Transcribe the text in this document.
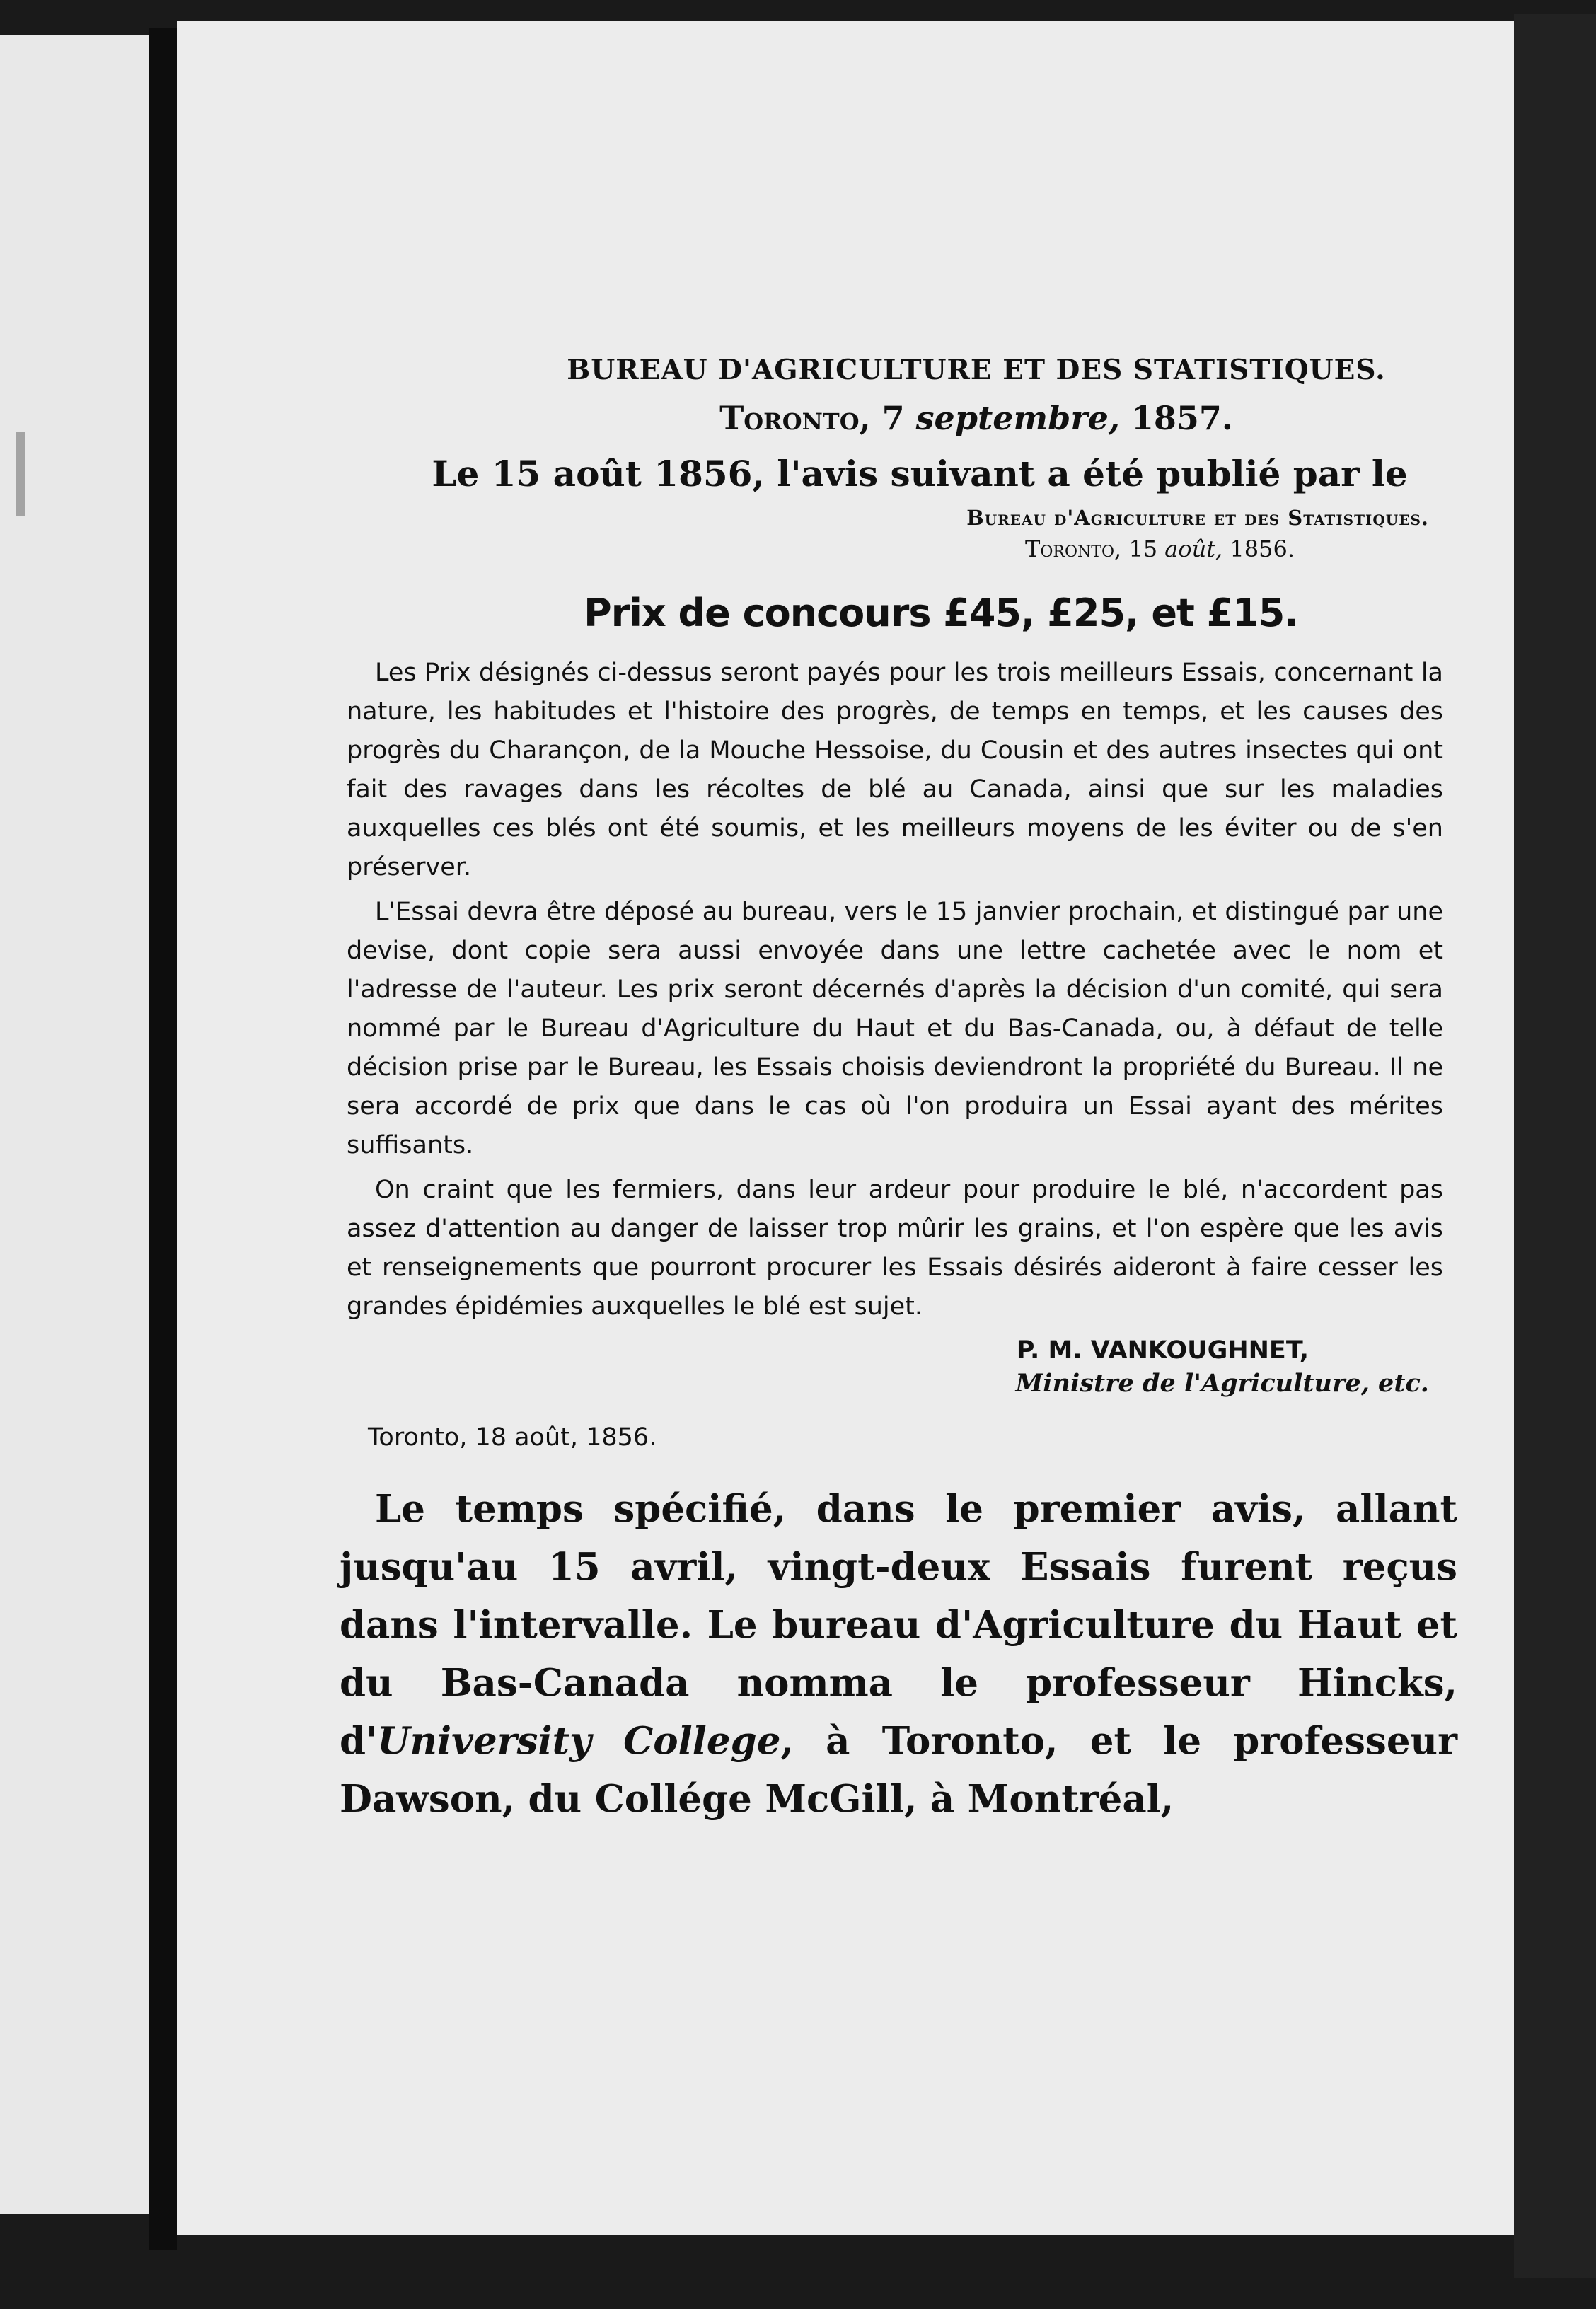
BUREAU D'AGRICULTURE ET DES STATISTIQUES.
Toronto, 7 septembre, 1857.
Le 15 août 1856, l'avis suivant a été publié par le
Bureau d'Agriculture et des Statistiques.
Toronto, 15 août, 1856.
Prix de concours £45, £25, et £15.

Les Prix désignés ci-dessus seront payés pour les trois meilleurs Essais, concernant la nature, les habitudes et l'histoire des progrès, de temps en temps, et les causes des progrès du Charançon, de la Mouche Hessoise, du Cousin et des autres insectes qui ont fait des ravages dans les récoltes de blé au Canada, ainsi que sur les maladies auxquelles ces blés ont été soumis, et les meilleurs moyens de les éviter ou de s'en préserver.

L'Essai devra être déposé au bureau, vers le 15 janvier prochain, et distingué par une devise, dont copie sera aussi envoyée dans une lettre cachetée avec le nom et l'adresse de l'auteur. Les prix seront décernés d'après la décision d'un comité, qui sera nommé par le Bureau d'Agriculture du Haut et du Bas-Canada, ou, à défaut de telle décision prise par le Bureau, les Essais choisis deviendront la propriété du Bureau. Il ne sera accordé de prix que dans le cas où l'on produira un Essai ayant des mérites suffisants.

On craint que les fermiers, dans leur ardeur pour produire le blé, n'accordent pas assez d'attention au danger de laisser trop mûrir les grains, et l'on espère que les avis et renseignements que pourront procurer les Essais désirés aideront à faire cesser les grandes épidémies auxquelles le blé est sujet.

P. M. VANKOUGHNET,
Ministre de l'Agriculture, etc.
Toronto, 18 août, 1856.

Le temps spécifié, dans le premier avis, allant jusqu'au 15 avril, vingt-deux Essais furent reçus dans l'intervalle. Le bureau d'Agriculture du Haut et du Bas-Canada nomma le professeur Hincks, d'University College, à Toronto, et le professeur Dawson, du Collége McGill, à Montréal,
